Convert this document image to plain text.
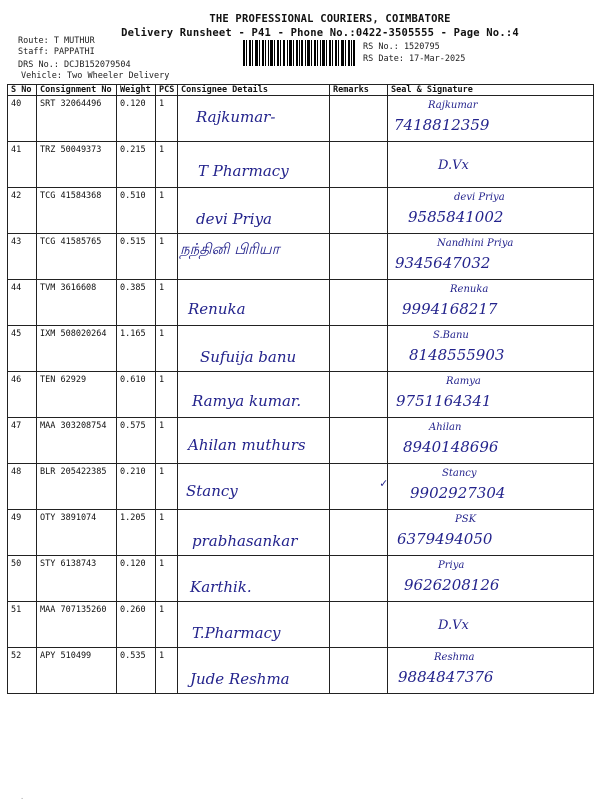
THE PROFESSIONAL COURIERS, COIMBATORE
Delivery Runsheet - P41 - Phone No.:0422-3505555 - Page No.:4
Route: T MUTHUR
Staff: PAPPATHI
DRS No.: DCJB152079504
Vehicle: Two Wheeler Delivery
RS No.: 1520795
RS Date: 17-Mar-2025
S No	Consignment No	Weight	PCS	Consignee Details	Remarks	Seal & Signature
40	SRT 32064496	0.120	1	Rajkumar-		Rajkumar
7418812359

41	TRZ 50049373	0.215	1	T Pharmacy		D.Vx

42	TCG 41584368	0.510	1	devi Priya		devi Priya
9585841002

43	TCG 41585765	0.515	1	நந்தினி பிரியா		Nandhini Priya
9345647032

44	TVM 3616608	0.385	1	Renuka		Renuka
9994168217

45	IXM 508020264	1.165	1	Sufuija banu		S.Banu
8148555903

46	TEN 62929	0.610	1	Ramya kumar.		Ramya
9751164341

47	MAA 303208754	0.575	1	Ahilan muthurs		Ahilan
8940148696

48	BLR 205422385	0.210	1	Stancy	✓	Stancy
9902927304

49	OTY 3891074	1.205	1	prabhasankar		PSK
6379494050

50	STY 6138743	0.120	1	Karthik.		Priya
9626208126

51	MAA 707135260	0.260	1	T.Pharmacy		D.Vx

52	APY 510499	0.535	1	Jude Reshma		Reshma
9884847376
.
